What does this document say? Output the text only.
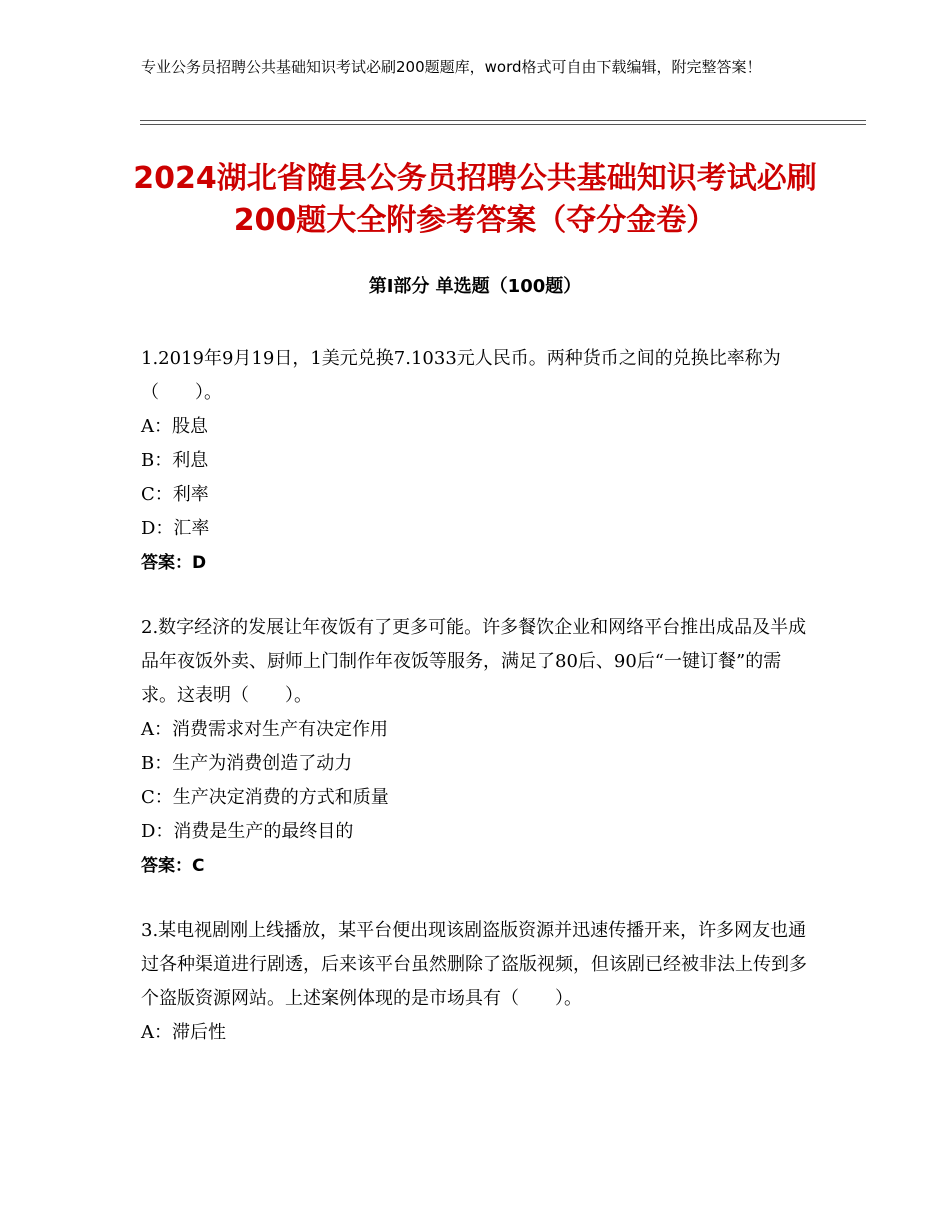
专业公务员招聘公共基础知识考试必刷200题题库，word格式可自由下载编辑，附完整答案！
2024湖北省随县公务员招聘公共基础知识考试必刷200题大全附参考答案（夺分金卷）
第Ⅰ部分 单选题（100题）

1.2019年9月19日，1美元兑换7.1033元人民币。两种货币之间的兑换比率称为（　　）。

A：股息

B：利息

C：利率

D：汇率

答案：D

2.数字经济的发展让年夜饭有了更多可能。许多餐饮企业和网络平台推出成品及半成品年夜饭外卖、厨师上门制作年夜饭等服务，满足了80后、90后“一键订餐”的需求。这表明（　　）。

A：消费需求对生产有决定作用

B：生产为消费创造了动力

C：生产决定消费的方式和质量

D：消费是生产的最终目的

答案：C

3.某电视剧刚上线播放，某平台便出现该剧盗版资源并迅速传播开来，许多网友也通过各种渠道进行剧透，后来该平台虽然删除了盗版视频，但该剧已经被非法上传到多个盗版资源网站。上述案例体现的是市场具有（　　）。

A：滞后性
